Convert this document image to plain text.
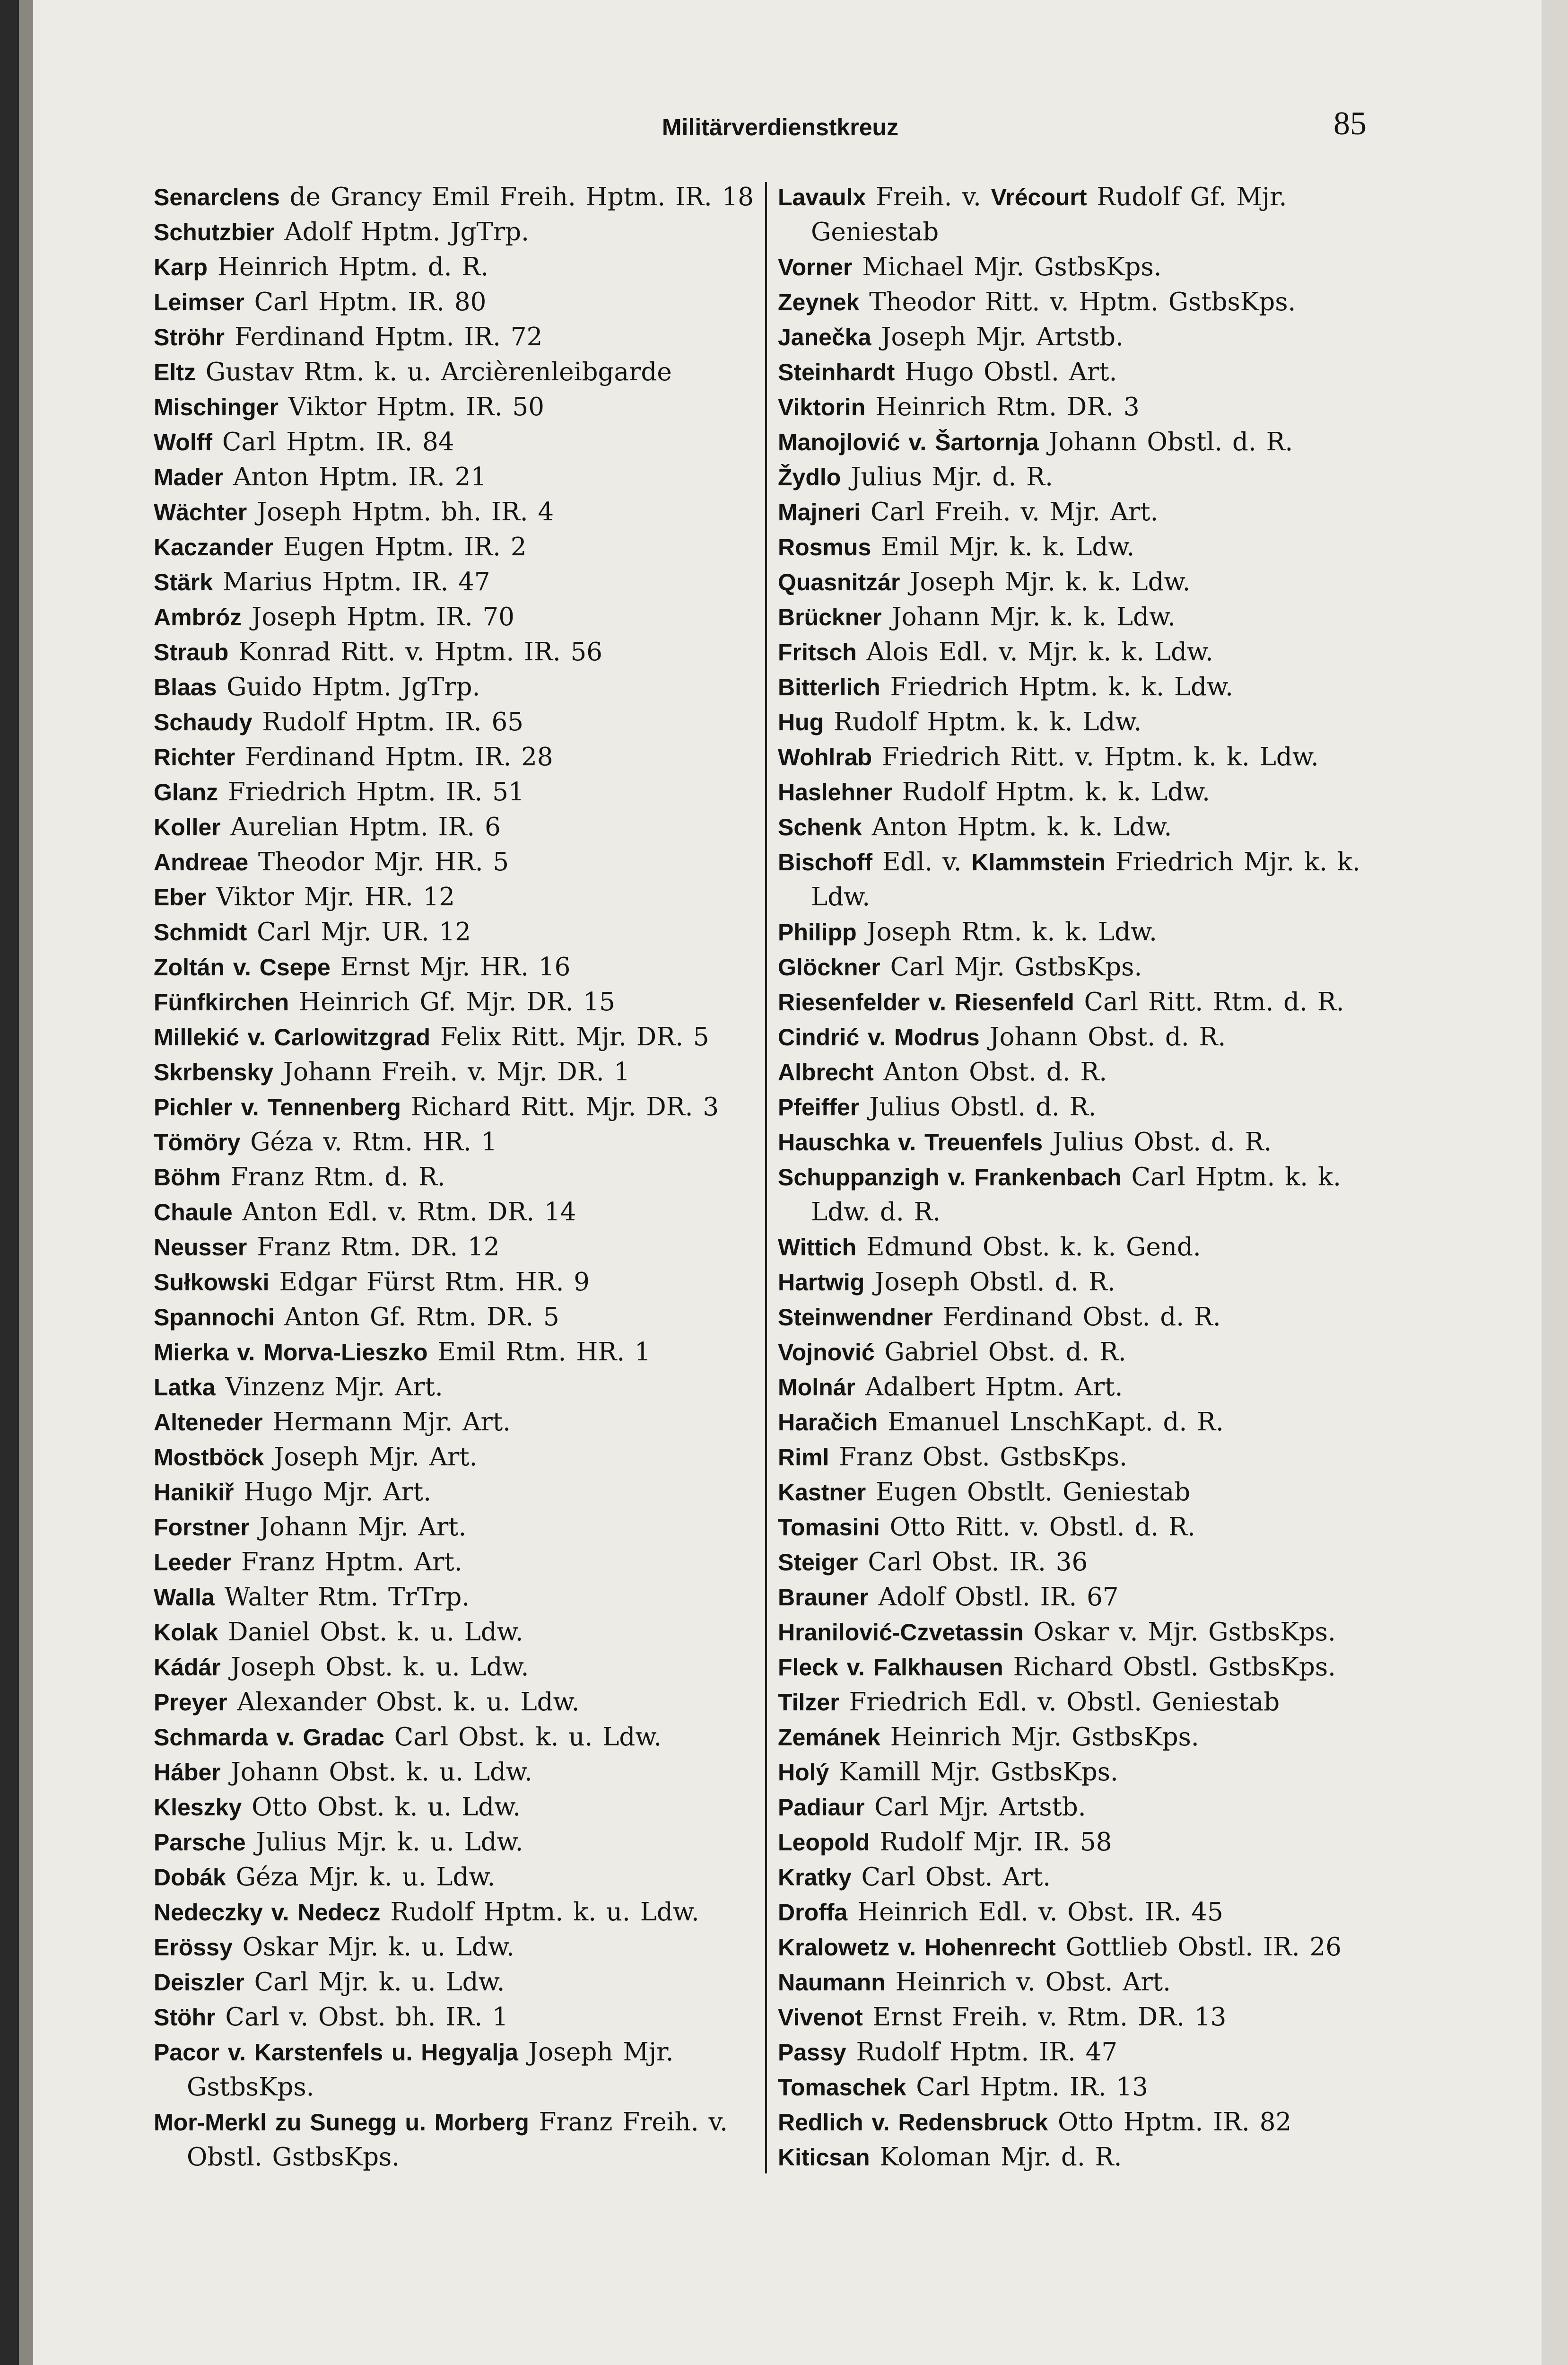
Militärverdienstkreuz	85
Senarclens de Grancy Emil Freih. Hptm. IR. 18
Schutzbier Adolf Hptm. JgTrp.
Karp Heinrich Hptm. d. R.
Leimser Carl Hptm. IR. 80
Ströhr Ferdinand Hptm. IR. 72
Eltz Gustav Rtm. k. u. Arcièrenleibgarde
Mischinger Viktor Hptm. IR. 50
Wolff Carl Hptm. IR. 84
Mader Anton Hptm. IR. 21
Wächter Joseph Hptm. bh. IR. 4
Kaczander Eugen Hptm. IR. 2
Stärk Marius Hptm. IR. 47
Ambróz Joseph Hptm. IR. 70
Straub Konrad Ritt. v. Hptm. IR. 56
Blaas Guido Hptm. JgTrp.
Schaudy Rudolf Hptm. IR. 65
Richter Ferdinand Hptm. IR. 28
Glanz Friedrich Hptm. IR. 51
Koller Aurelian Hptm. IR. 6
Andreae Theodor Mjr. HR. 5
Eber Viktor Mjr. HR. 12
Schmidt Carl Mjr. UR. 12
Zoltán v. Csepe Ernst Mjr. HR. 16
Fünfkirchen Heinrich Gf. Mjr. DR. 15
Millekić v. Carlowitzgrad Felix Ritt. Mjr. DR. 5
Skrbensky Johann Freih. v. Mjr. DR. 1
Pichler v. Tennenberg Richard Ritt. Mjr. DR. 3
Tömöry Géza v. Rtm. HR. 1
Böhm Franz Rtm. d. R.
Chaule Anton Edl. v. Rtm. DR. 14
Neusser Franz Rtm. DR. 12
Sułkowski Edgar Fürst Rtm. HR. 9
Spannochi Anton Gf. Rtm. DR. 5
Mierka v. Morva-Lieszko Emil Rtm. HR. 1
Latka Vinzenz Mjr. Art.
Alteneder Hermann Mjr. Art.
Mostböck Joseph Mjr. Art.
Hanikiř Hugo Mjr. Art.
Forstner Johann Mjr. Art.
Leeder Franz Hptm. Art.
Walla Walter Rtm. TrTrp.
Kolak Daniel Obst. k. u. Ldw.
Kádár Joseph Obst. k. u. Ldw.
Preyer Alexander Obst. k. u. Ldw.
Schmarda v. Gradac Carl Obst. k. u. Ldw.
Háber Johann Obst. k. u. Ldw.
Kleszky Otto Obst. k. u. Ldw.
Parsche Julius Mjr. k. u. Ldw.
Dobák Géza Mjr. k. u. Ldw.
Nedeczky v. Nedecz Rudolf Hptm. k. u. Ldw.
Erössy Oskar Mjr. k. u. Ldw.
Deiszler Carl Mjr. k. u. Ldw.
Stöhr Carl v. Obst. bh. IR. 1
Pacor v. Karstenfels u. Hegyalja Joseph Mjr. GstbsKps.
Mor-Merkl zu Sunegg u. Morberg Franz Freih. v. Obstl. GstbsKps.
Lavaulx Freih. v. Vrécourt Rudolf Gf. Mjr. Geniestab
Vorner Michael Mjr. GstbsKps.
Zeynek Theodor Ritt. v. Hptm. GstbsKps.
Janečka Joseph Mjr. Artstb.
Steinhardt Hugo Obstl. Art.
Viktorin Heinrich Rtm. DR. 3
Manojlović v. Šartornja Johann Obstl. d. R.
Žydlo Julius Mjr. d. R.
Majneri Carl Freih. v. Mjr. Art.
Rosmus Emil Mjr. k. k. Ldw.
Quasnitzár Joseph Mjr. k. k. Ldw.
Brückner Johann Mjr. k. k. Ldw.
Fritsch Alois Edl. v. Mjr. k. k. Ldw.
Bitterlich Friedrich Hptm. k. k. Ldw.
Hug Rudolf Hptm. k. k. Ldw.
Wohlrab Friedrich Ritt. v. Hptm. k. k. Ldw.
Haslehner Rudolf Hptm. k. k. Ldw.
Schenk Anton Hptm. k. k. Ldw.
Bischoff Edl. v. Klammstein Friedrich Mjr. k. k. Ldw.
Philipp Joseph Rtm. k. k. Ldw.
Glöckner Carl Mjr. GstbsKps.
Riesenfelder v. Riesenfeld Carl Ritt. Rtm. d. R.
Cindrić v. Modrus Johann Obst. d. R.
Albrecht Anton Obst. d. R.
Pfeiffer Julius Obstl. d. R.
Hauschka v. Treuenfels Julius Obst. d. R.
Schuppanzigh v. Frankenbach Carl Hptm. k. k. Ldw. d. R.
Wittich Edmund Obst. k. k. Gend.
Hartwig Joseph Obstl. d. R.
Steinwendner Ferdinand Obst. d. R.
Vojnović Gabriel Obst. d. R.
Molnár Adalbert Hptm. Art.
Haračich Emanuel LnschKapt. d. R.
Riml Franz Obst. GstbsKps.
Kastner Eugen Obstlt. Geniestab
Tomasini Otto Ritt. v. Obstl. d. R.
Steiger Carl Obst. IR. 36
Brauner Adolf Obstl. IR. 67
Hranilović-Czvetassin Oskar v. Mjr. GstbsKps.
Fleck v. Falkhausen Richard Obstl. GstbsKps.
Tilzer Friedrich Edl. v. Obstl. Geniestab
Zemánek Heinrich Mjr. GstbsKps.
Holý Kamill Mjr. GstbsKps.
Padiaur Carl Mjr. Artstb.
Leopold Rudolf Mjr. IR. 58
Kratky Carl Obst. Art.
Droffa Heinrich Edl. v. Obst. IR. 45
Kralowetz v. Hohenrecht Gottlieb Obstl. IR. 26
Naumann Heinrich v. Obst. Art.
Vivenot Ernst Freih. v. Rtm. DR. 13
Passy Rudolf Hptm. IR. 47
Tomaschek Carl Hptm. IR. 13
Redlich v. Redensbruck Otto Hptm. IR. 82
Kiticsan Koloman Mjr. d. R.
